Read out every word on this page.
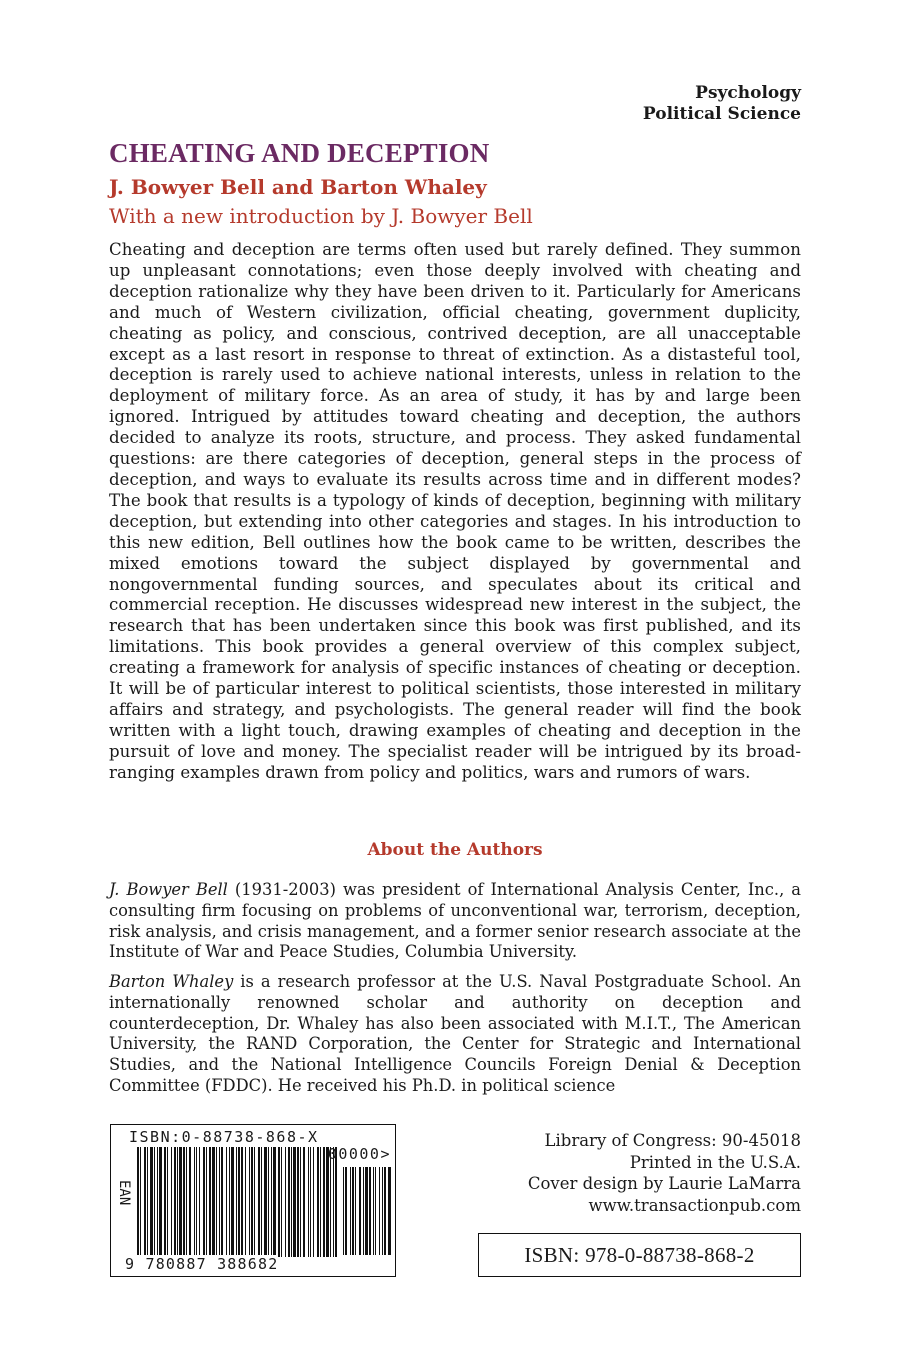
Psychology
Political Science
CHEATING AND DECEPTION
J. Bowyer Bell and Barton Whaley
With a new introduction by J. Bowyer Bell

Cheating and deception are terms often used but rarely defined. They summon up unpleasant connotations; even those deeply involved with cheating and deception rationalize why they have been driven to it. Particularly for Americans and much of Western civilization, official cheating, government duplicity, cheating as policy, and conscious, contrived deception, are all unacceptable except as a last resort in response to threat of extinction. As a distasteful tool, deception is rarely used to achieve national interests, unless in relation to the deployment of military force. As an area of study, it has by and large been ignored. Intrigued by attitudes toward cheating and deception, the authors decided to analyze its roots, structure, and process. They asked fundamental questions: are there categories of deception, general steps in the process of deception, and ways to evaluate its results across time and in different modes? The book that results is a typology of kinds of deception, beginning with military deception, but extending into other categories and stages. In his introduction to this new edition, Bell outlines how the book came to be written, describes the mixed emotions toward the subject displayed by governmental and nongovernmental funding sources, and speculates about its critical and commercial reception. He discusses widespread new interest in the subject, the research that has been undertaken since this book was first published, and its limitations. This book provides a general overview of this complex subject, creating a framework for analysis of specific instances of cheating or deception. It will be of particular interest to political scientists, those interested in military affairs and strategy, and psychologists. The general reader will find the book written with a light touch, drawing examples of cheating and deception in the pursuit of love and money. The specialist reader will be intrigued by its broad-ranging examples drawn from policy and politics, wars and rumors of wars.

About the Authors
J. Bowyer Bell (1931-2003) was president of International Analysis Center, Inc., a consulting firm focusing on problems of unconventional war, terrorism, deception, risk analysis, and crisis management, and a former senior research associate at the Institute of War and Peace Studies, Columbia University.
Barton Whaley is a research professor at the U.S. Naval Postgraduate School. An internationally renowned scholar and authority on deception and counterdeception, Dr. Whaley has also been associated with M.I.T., The American University, the RAND Corporation, the Center for Strategic and International Studies, and the National Intelligence Councils Foreign Denial & Deception Committee (FDDC). He received his Ph.D. in political science
ISBN:0-88738-868-X
00000>
EAN
9 780887 388682
Library of Congress: 90-45018
Printed in the U.S.A.
Cover design by Laurie LaMarra
www.transactionpub.com
ISBN: 978-0-88738-868-2
